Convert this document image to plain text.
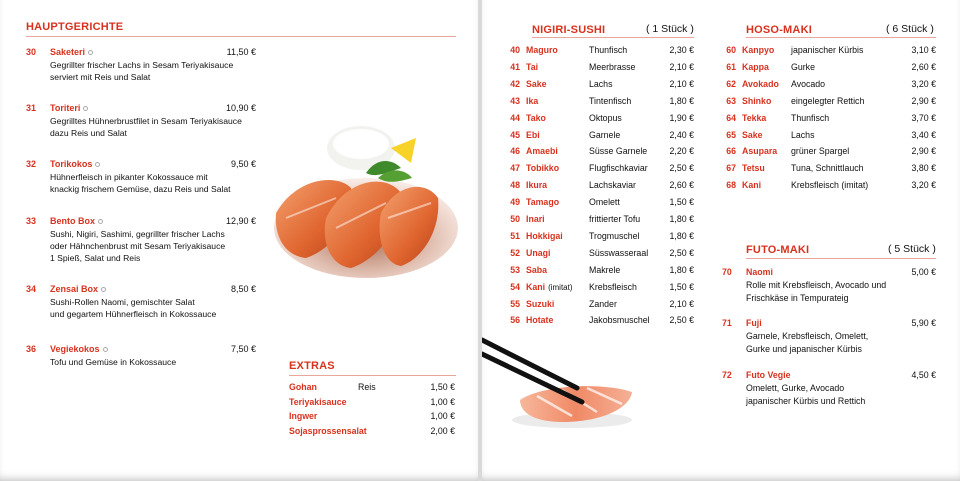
HAUPTGERICHTE
30 Saketeri	11,50 €
Gegrillter frischer Lachs in Sesam Teriyakisauce
serviert mit Reis und Salat
31 Toriteri	10,90 €
Gegrilltes Hühnerbrustfilet in Sesam Teriyakisauce
dazu Reis und Salat
32 Torikokos	9,50 €
Hühnerfleisch in pikanter Kokossauce mit
knackig frischem Gemüse, dazu Reis und Salat
33 Bento Box	12,90 €
Sushi, Nigiri, Sashimi, gegrillter frischer Lachs
oder Hähnchenbrust mit Sesam Teriyakisauce
1 Spieß, Salat und Reis
34 Zensai Box	8,50 €
Sushi-Rollen Naomi, gemischter Salat
und gegartem Hühnerfleisch in Kokossauce
36 Vegiekokos	7,50 €
Tofu und Gemüse in Kokossauce	EXTRAS
Gohan	Reis	1,50 €
Teriyakisauce	1,00 €
Ingwer	1,00 €
Sojasprossensalat	2,00 €
NIGIRI-SUSHI	( 1 Stück )
40 Maguro	Thunfisch	2,30 €
41 Tai	Meerbrasse	2,10 €
42 Sake	Lachs	2,10 €
43 Ika	Tintenfisch	1,80 €
44 Tako	Oktopus	1,90 €
45 Ebi	Garnele	2,40 €
46 Amaebi	Süsse Garnele	2,20 €
47 Tobikko	Flugfischkaviar 2,50 €
48 Ikura	Lachskaviar	2,60 €
49 Tamago	Omelett	1,50 €
50 Inari	frittierter Tofu	1,80 €
51 Hokkigai	Trogmuschel	1,80 €
52 Unagi	Süsswasseraal 2,50 €
53 Saba	Makrele	1,80 €
54 Kani (imitat) Krebsfleisch	1,50 €
55 Suzuki	Zander	2,10 €
56 Hotate	Jakobsmuschel 2,50 €
HOSO-MAKI	( 6 Stück )
60 Kanpyo japanischer Kürbis	3,10 €
61 Kappa	Gurke	2,60 €
62 Avokado Avocado	3,20 €
63 Shinko eingelegter Rettich	2,90 €
64 Tekka	Thunfisch	3,70 €
65 Sake	Lachs	3,40 €
66 Asupara grüner Spargel	2,90 €
67 Tetsu	Tuna, Schnittlauch	3,80 €
68 Kani	Krebsfleisch (imitat)	3,20 €
FUTO-MAKI	( 5 Stück )
70 Naomi	5,00 €
Rolle mit Krebsfleisch, Avocado und
Frischkäse in Tempurateig
71 Fuji	5,90 €
Garnele, Krebsfleisch, Omelett,
Gurke und japanischer Kürbis
72 Futo Vegie	4,50 €
Omelett, Gurke, Avocado
japanischer Kürbis und Rettich
